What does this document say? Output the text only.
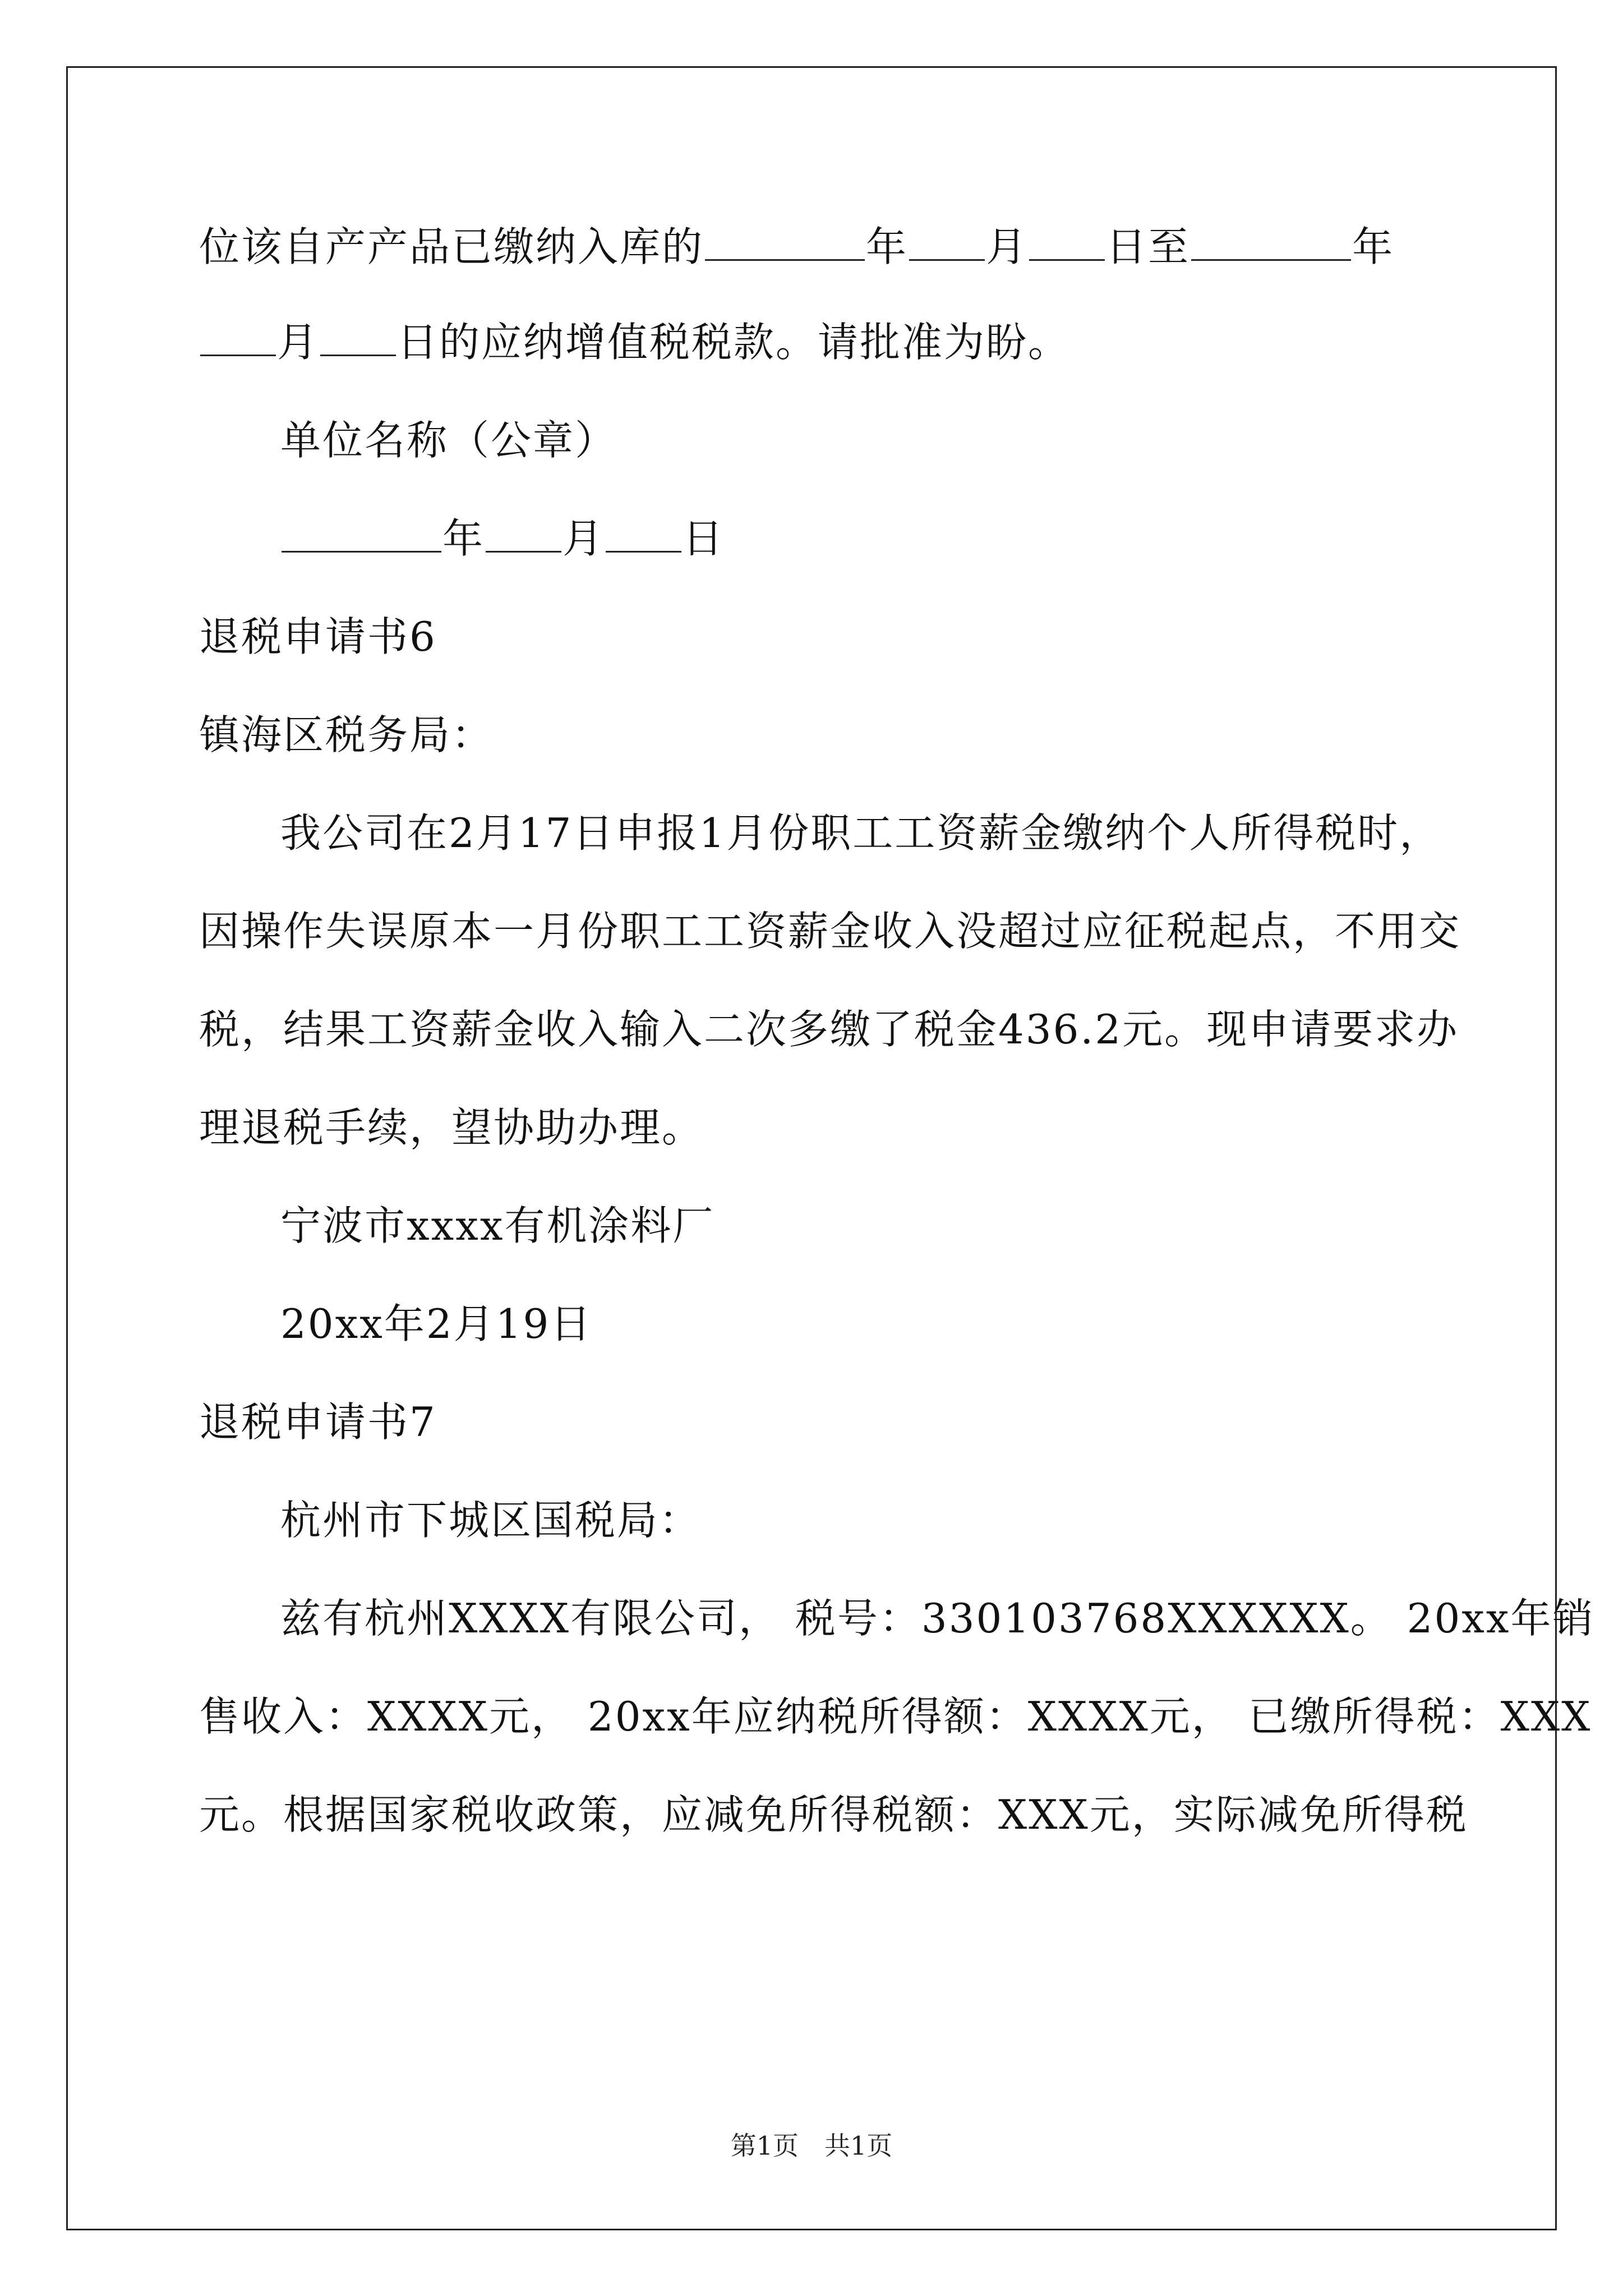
位该自产产品已缴纳入库的	年 月 日至	年
月 日的应纳增值税税款。请批准为盼。
单位名称（公章）
年 月 日
退税申请书6
镇海区税务局：
我公司在2月17日申报1月份职工工资薪金缴纳个人所得税时，
因操作失误原本一月份职工工资薪金收入没超过应征税起点，不用交
税，结果工资薪金收入输入二次多缴了税金436.2元。现申请要求办
理退税手续，望协助办理。
宁波市xxxx有机涂料厂
20xx年2月19日
退税申请书7
杭州市下城区国税局：
兹有杭州XXXX有限公司， 税号：330103768XXXXXX。 20xx年销
售收入：XXXX元， 20xx年应纳税所得额：XXXX元， 已缴所得税：XXX
元。根据国家税收政策，应减免所得税额：XXX元，实际减免所得税
第1页　共1页
